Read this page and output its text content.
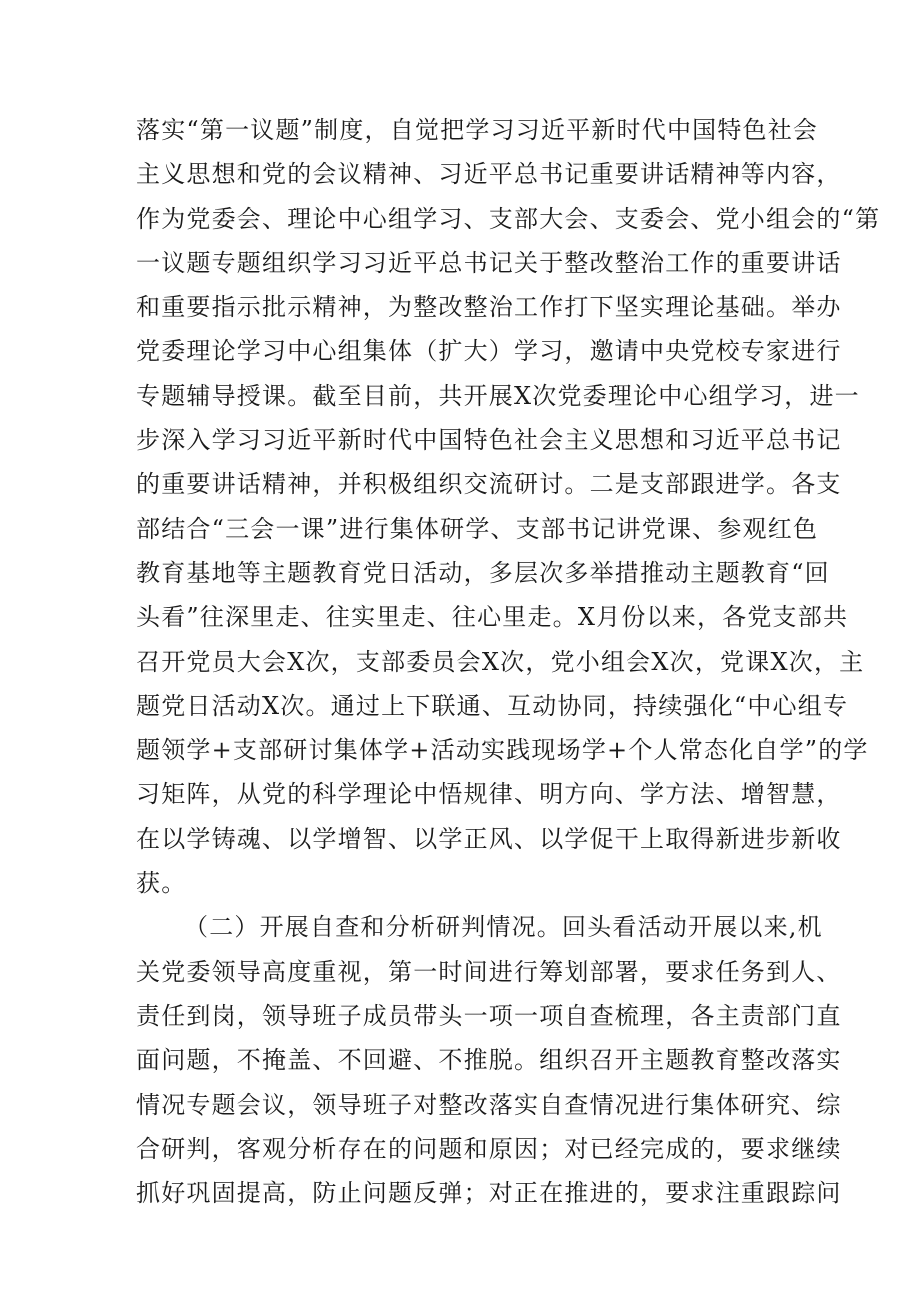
落实“第一议题”制度，自觉把学习习近平新时代中国特色社会
主义思想和党的会议精神、习近平总书记重要讲话精神等内容，
作为党委会、理论中心组学习、支部大会、支委会、党小组会的“第
一议题专题组织学习习近平总书记关于整改整治工作的重要讲话
和重要指示批示精神，为整改整治工作打下坚实理论基础。举办
党委理论学习中心组集体（扩大）学习，邀请中央党校专家进行
专题辅导授课。截至目前，共开展X次党委理论中心组学习，进一
步深入学习习近平新时代中国特色社会主义思想和习近平总书记
的重要讲话精神，并积极组织交流研讨。二是支部跟进学。各支
部结合“三会一课”进行集体研学、支部书记讲党课、参观红色
教育基地等主题教育党日活动，多层次多举措推动主题教育“回
头看”往深里走、往实里走、往心里走。X月份以来，各党支部共
召开党员大会X次，支部委员会X次，党小组会X次，党课X次，主
题党日活动X次。通过上下联通、互动协同，持续强化“中心组专
题领学+支部研讨集体学+活动实践现场学+个人常态化自学”的学
习矩阵，从党的科学理论中悟规律、明方向、学方法、增智慧，
在以学铸魂、以学增智、以学正风、以学促干上取得新进步新收
获。
（二）开展自查和分析研判情况。回头看活动开展以来,机
关党委领导高度重视，第一时间进行筹划部署，要求任务到人、
责任到岗，领导班子成员带头一项一项自查梳理，各主责部门直
面问题，不掩盖、不回避、不推脱。组织召开主题教育整改落实
情况专题会议，领导班子对整改落实自查情况进行集体研究、综
合研判，客观分析存在的问题和原因；对已经完成的，要求继续
抓好巩固提高，防止问题反弹；对正在推进的，要求注重跟踪问
